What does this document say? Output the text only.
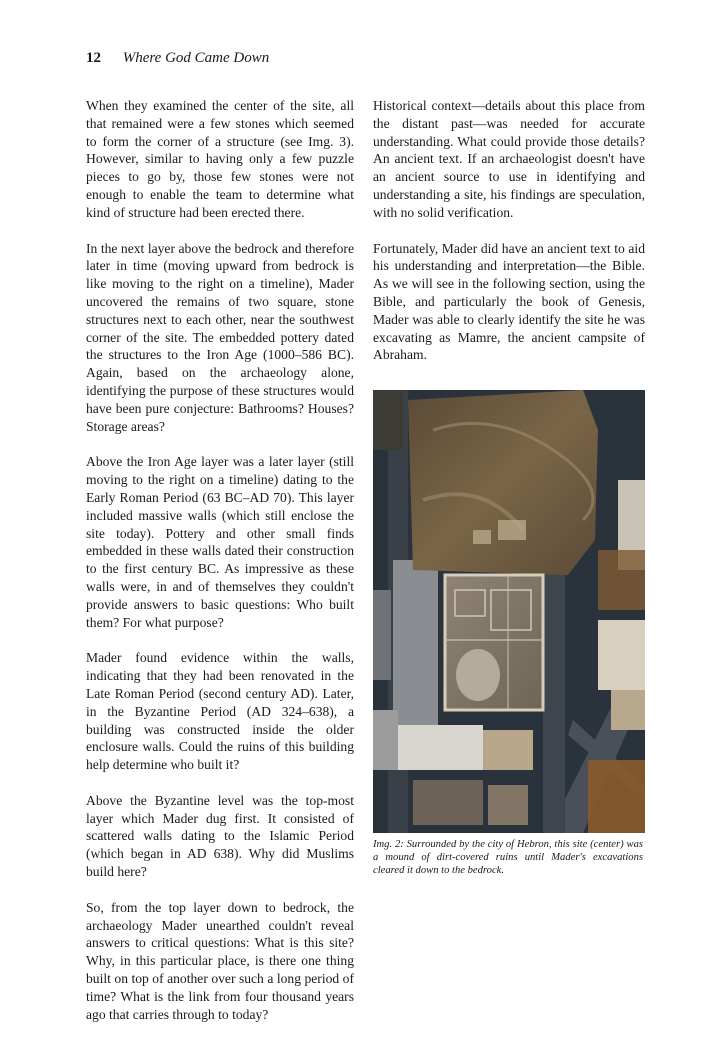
12 Where God Came Down

When they examined the center of the site, all that remained were a few stones which seemed to form the corner of a structure (see Img. 3). However, similar to having only a few puzzle pieces to go by, those few stones were not enough to enable the team to determine what kind of structure had been erected there.

In the next layer above the bedrock and therefore later in time (moving upward from bedrock is like moving to the right on a timeline), Mader uncovered the remains of two square, stone structures next to each other, near the southwest corner of the site. The embedded pottery dated the structures to the Iron Age (1000–586 BC). Again, based on the archaeology alone, identifying the purpose of these structures would have been pure conjecture: Bathrooms? Houses? Storage areas?

Above the Iron Age layer was a later layer (still moving to the right on a timeline) dating to the Early Roman Period (63 BC–AD 70). This layer included massive walls (which still enclose the site today). Pottery and other small finds embedded in these walls dated their construction to the first century BC. As impressive as these walls were, in and of themselves they couldn't provide answers to basic questions: Who built them? For what purpose?

Mader found evidence within the walls, indicating that they had been renovated in the Late Roman Period (second century AD). Later, in the Byzantine Period (AD 324–638), a building was constructed inside the older enclosure walls. Could the ruins of this building help determine who built it?

Above the Byzantine level was the top-most layer which Mader dug first. It consisted of scattered walls dating to the Islamic Period (which began in AD 638). Why did Muslims build here?

So, from the top layer down to bedrock, the archaeology Mader unearthed couldn't reveal answers to critical questions: What is this site? Why, in this particular place, is there one thing built on top of another over such a long period of time? What is the link from four thousand years ago that carries through to today?

Historical context—details about this place from the distant past—was needed for accurate understanding. What could provide those details? An ancient text. If an archaeologist doesn't have an ancient source to use in identifying and understanding a site, his findings are speculation, with no solid verification.

Fortunately, Mader did have an ancient text to aid his understanding and interpretation—the Bible. As we will see in the following section, using the Bible, and particularly the book of Genesis, Mader was able to clearly identify the site he was excavating as Mamre, the ancient campsite of Abraham.

Img. 2: Surrounded by the city of Hebron, this site (center) was a mound of dirt-covered ruins until Mader's excavations cleared it down to the bedrock.
